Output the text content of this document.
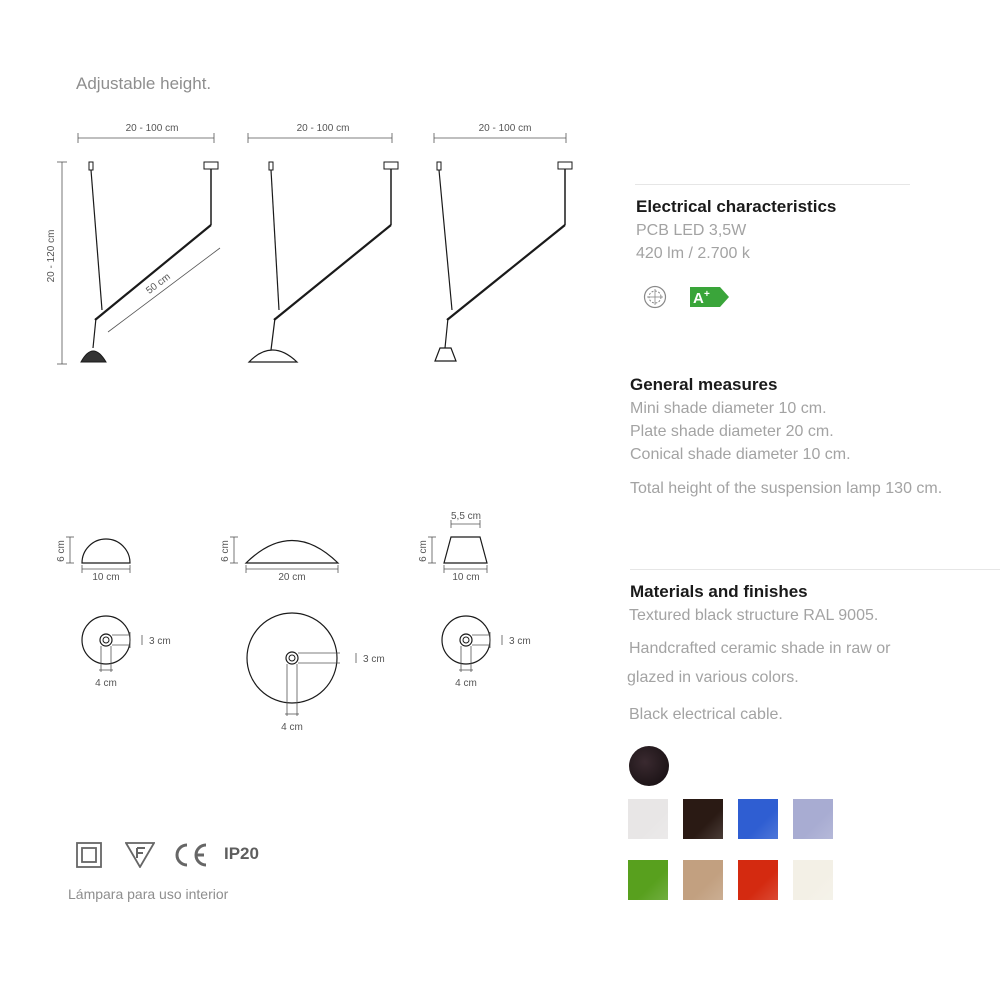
Adjustable height.
20 - 100 cm	20 - 100 cm	20 - 100 cm
20 - 120 cm
50 cm
6 cm
10 cm
6 cm
20 cm
6 cm
10 cm
5,5 cm
3 cm
4 cm
3 cm
4 cm
3 cm
4 cm
Electrical characteristics
PCB LED 3,5W
420 lm / 2.700 k
A +
General measures
Mini shade diameter 10 cm.
Plate shade diameter 20 cm.
Conical shade diameter 10 cm.
Total height of the suspension lamp 130 cm.
Materials and finishes
Textured black structure RAL 9005.
Handcrafted ceramic shade in raw or
glazed in various colors.
Black electrical cable.
IP20
Lámpara para uso interior
